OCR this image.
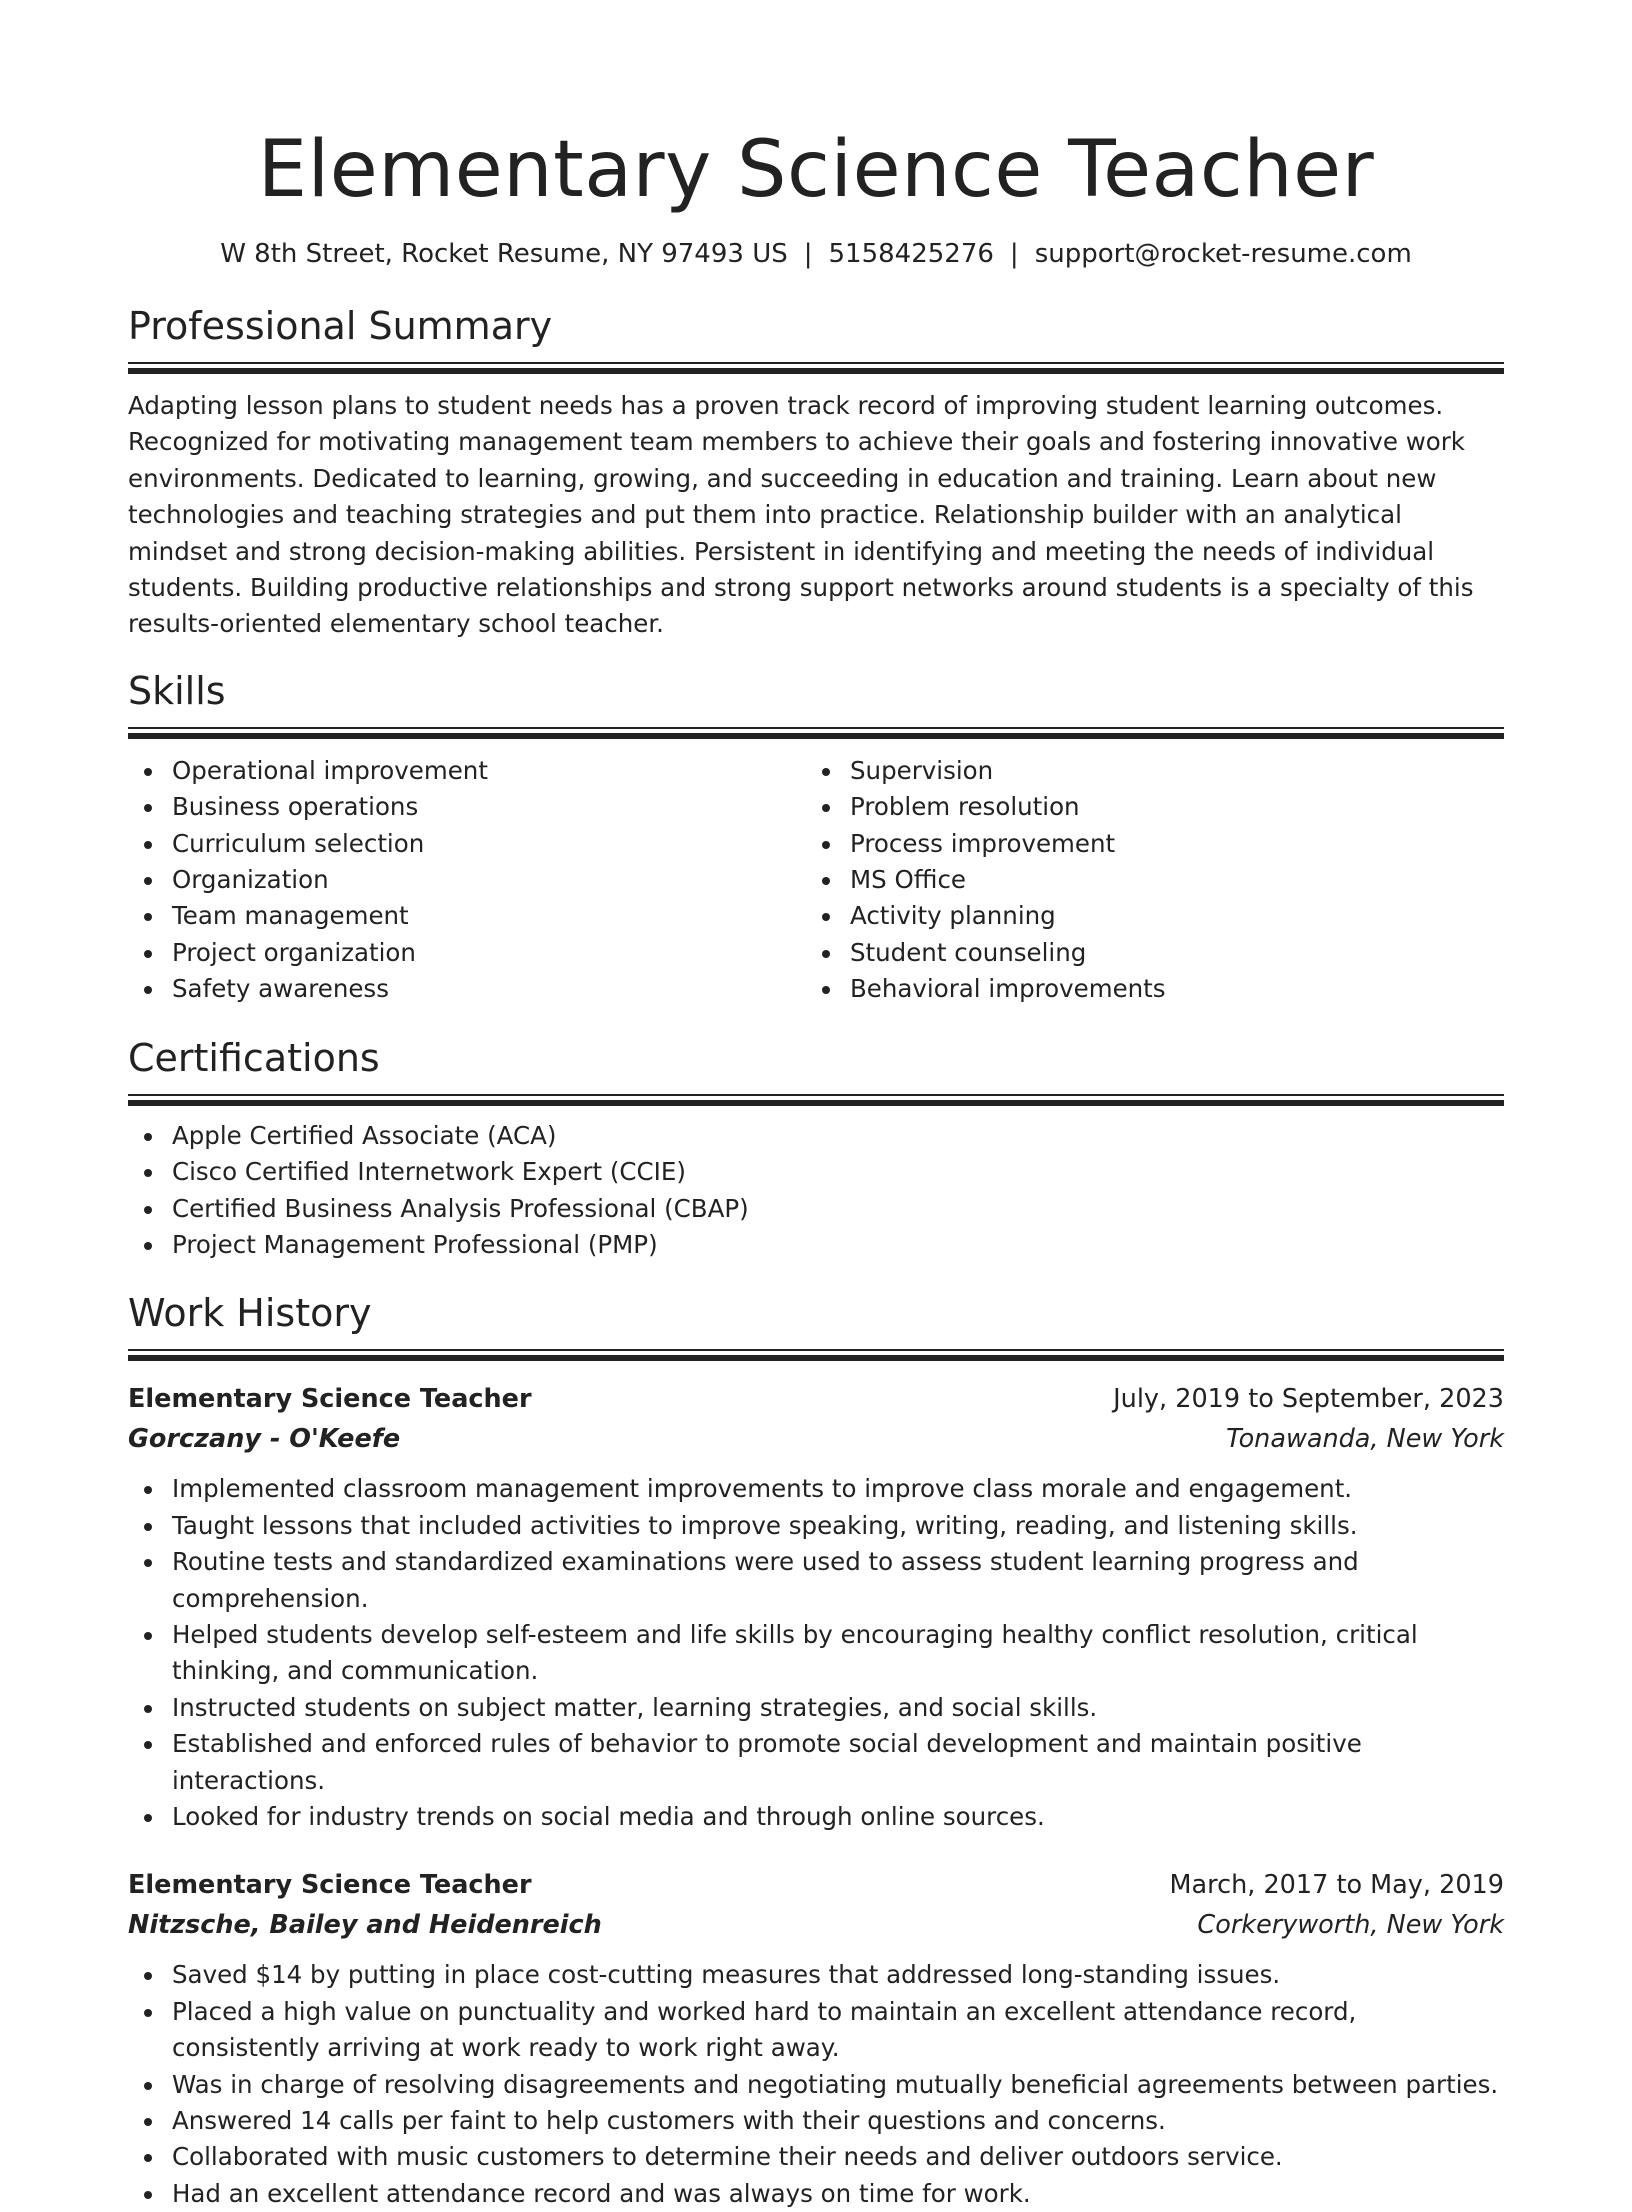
Elementary Science Teacher
W 8th Street, Rocket Resume, NY 97493 US | 5158425276 | support@rocket-resume.com
Professional Summary

Adapting lesson plans to student needs has a proven track record of improving student learning outcomes. Recognized for motivating management team members to achieve their goals and fostering innovative work environments. Dedicated to learning, growing, and succeeding in education and training. Learn about new technologies and teaching strategies and put them into practice. Relationship builder with an analytical mindset and strong decision-making abilities. Persistent in identifying and meeting the needs of individual students. Building productive relationships and strong support networks around students is a specialty of this results-oriented elementary school teacher.

Skills
Operational improvement
Business operations
Curriculum selection
Organization
Team management
Project organization
Safety awareness
Supervision
Problem resolution
Process improvement
MS Office
Activity planning
Student counseling
Behavioral improvements
Certifications
Apple Certified Associate (ACA)
Cisco Certified Internetwork Expert (CCIE)
Certified Business Analysis Professional (CBAP)
Project Management Professional (PMP)
Work History
Elementary Science Teacher	July, 2019 to September, 2023
Gorczany - O'Keefe	Tonawanda, New York
Implemented classroom management improvements to improve class morale and engagement.
Taught lessons that included activities to improve speaking, writing, reading, and listening skills.
Routine tests and standardized examinations were used to assess student learning progress and comprehension.
Helped students develop self-esteem and life skills by encouraging healthy conflict resolution, critical thinking, and communication.
Instructed students on subject matter, learning strategies, and social skills.
Established and enforced rules of behavior to promote social development and maintain positive interactions.
Looked for industry trends on social media and through online sources.
Elementary Science Teacher	March, 2017 to May, 2019
Nitzsche, Bailey and Heidenreich	Corkeryworth, New York
Saved $14 by putting in place cost-cutting measures that addressed long-standing issues.
Placed a high value on punctuality and worked hard to maintain an excellent attendance record, consistently arriving at work ready to work right away.
Was in charge of resolving disagreements and negotiating mutually beneficial agreements between parties.
Answered 14 calls per faint to help customers with their questions and concerns.
Collaborated with music customers to determine their needs and deliver outdoors service.
Had an excellent attendance record and was always on time for work.
